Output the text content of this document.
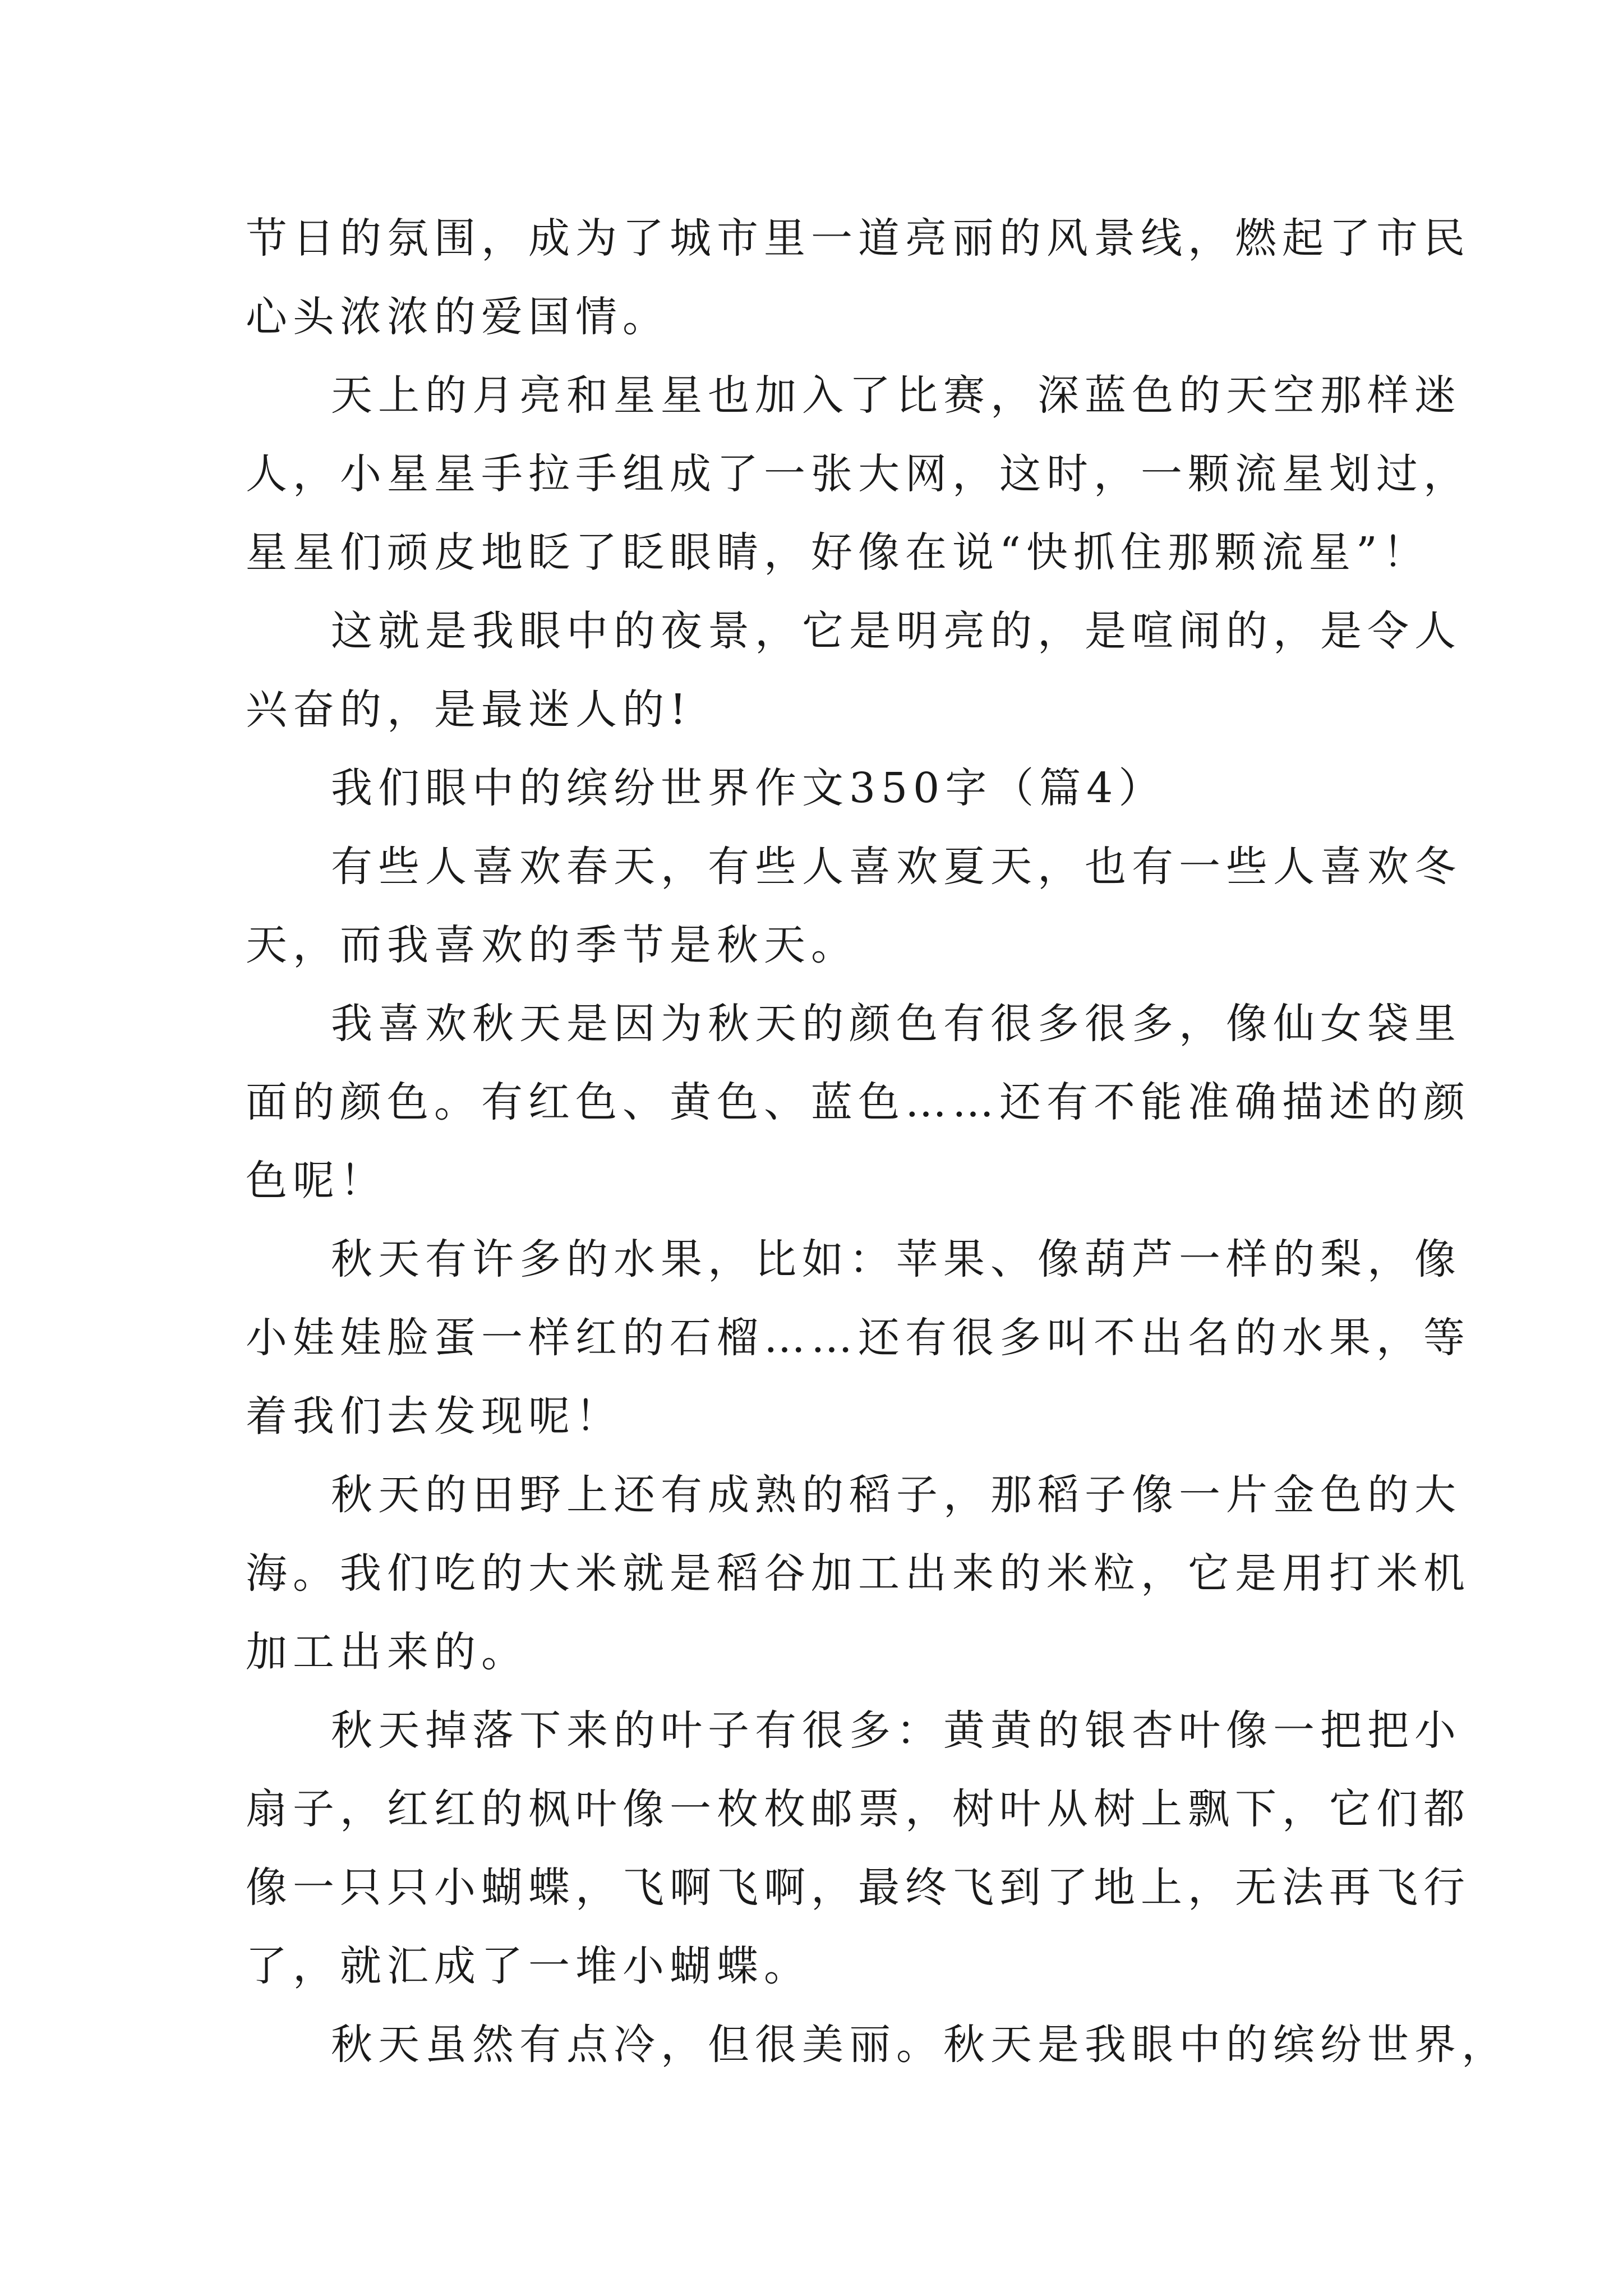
节日的氛围，成为了城市里一道亮丽的风景线，燃起了市民
心头浓浓的爱国情。
天上的月亮和星星也加入了比赛，深蓝色的天空那样迷
人，小星星手拉手组成了一张大网，这时，一颗流星划过，
星星们顽皮地眨了眨眼睛，好像在说“快抓住那颗流星”！
这就是我眼中的夜景，它是明亮的，是喧闹的，是令人
兴奋的，是最迷人的!
我们眼中的缤纷世界作文350字（篇4）
有些人喜欢春天，有些人喜欢夏天，也有一些人喜欢冬
天，而我喜欢的季节是秋天。
我喜欢秋天是因为秋天的颜色有很多很多，像仙女袋里
面的颜色。有红色、黄色、蓝色……还有不能准确描述的颜
色呢！
秋天有许多的水果，比如：苹果、像葫芦一样的梨，像
小娃娃脸蛋一样红的石榴……还有很多叫不出名的水果，等
着我们去发现呢！
秋天的田野上还有成熟的稻子，那稻子像一片金色的大
海。我们吃的大米就是稻谷加工出来的米粒，它是用打米机
加工出来的。
秋天掉落下来的叶子有很多：黄黄的银杏叶像一把把小
扇子，红红的枫叶像一枚枚邮票，树叶从树上飘下，它们都
像一只只小蝴蝶，飞啊飞啊，最终飞到了地上，无法再飞行
了，就汇成了一堆小蝴蝶。
秋天虽然有点冷，但很美丽。秋天是我眼中的缤纷世界，
